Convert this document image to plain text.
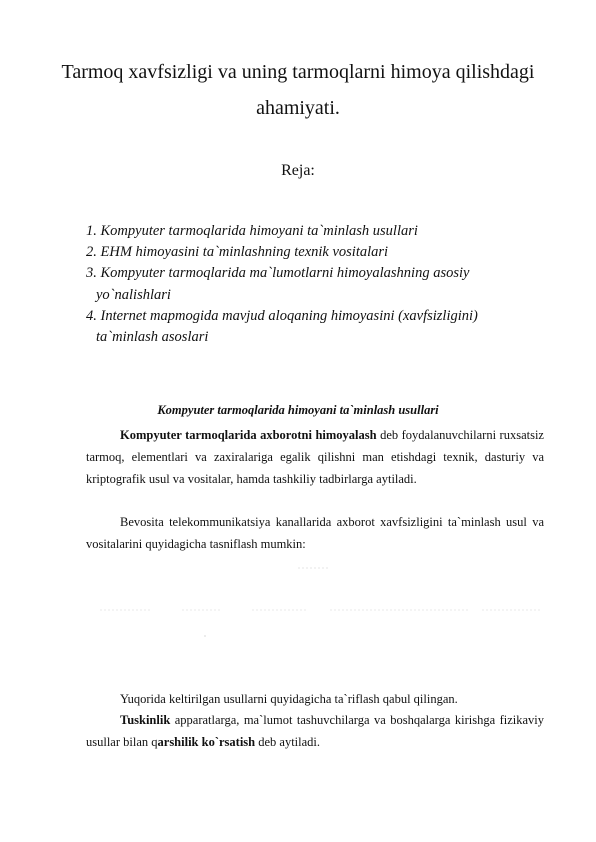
Tarmoq xavfsizligi va uning tarmoqlarni himoya qilishdagi ahamiyati.
Reja:
1. Kompyuter tarmoqlarida himoyani ta`minlash usullari
2. EHM himoyasini ta`minlashning texnik vositalari
3. Kompyuter tarmoqlarida ma`lumotlarni himoyalashning asosiy
yo`nalishlari
4. Internet mapmogida mavjud aloqaning himoyasini (xavfsizligini)
ta`minlash asoslari
Kompyuter tarmoqlarida himoyani ta`minlash usullari

Kompyuter tarmoqlarida axborotni himoyalash deb foydalanuvchilarni ruxsatsiz tarmoq, elementlari va zaxiralariga egalik qilishni man etishdagi texnik, dasturiy va kriptografik usul va vositalar, hamda tashkiliy tadbirlarga aytiladi.

Bevosita telekommunikatsiya kanallarida axborot xavfsizligini ta`minlash usul va vositalarini quyidagicha tasniflash mumkin:

Yuqorida keltirilgan usullarni quyidagicha ta`riflash qabul qilingan.

Tuskinlik apparatlarga, ma`lumot tashuvchilarga va boshqalarga kirishga fizikaviy usullar bilan qarshilik ko`rsatish deb aytiladi.
